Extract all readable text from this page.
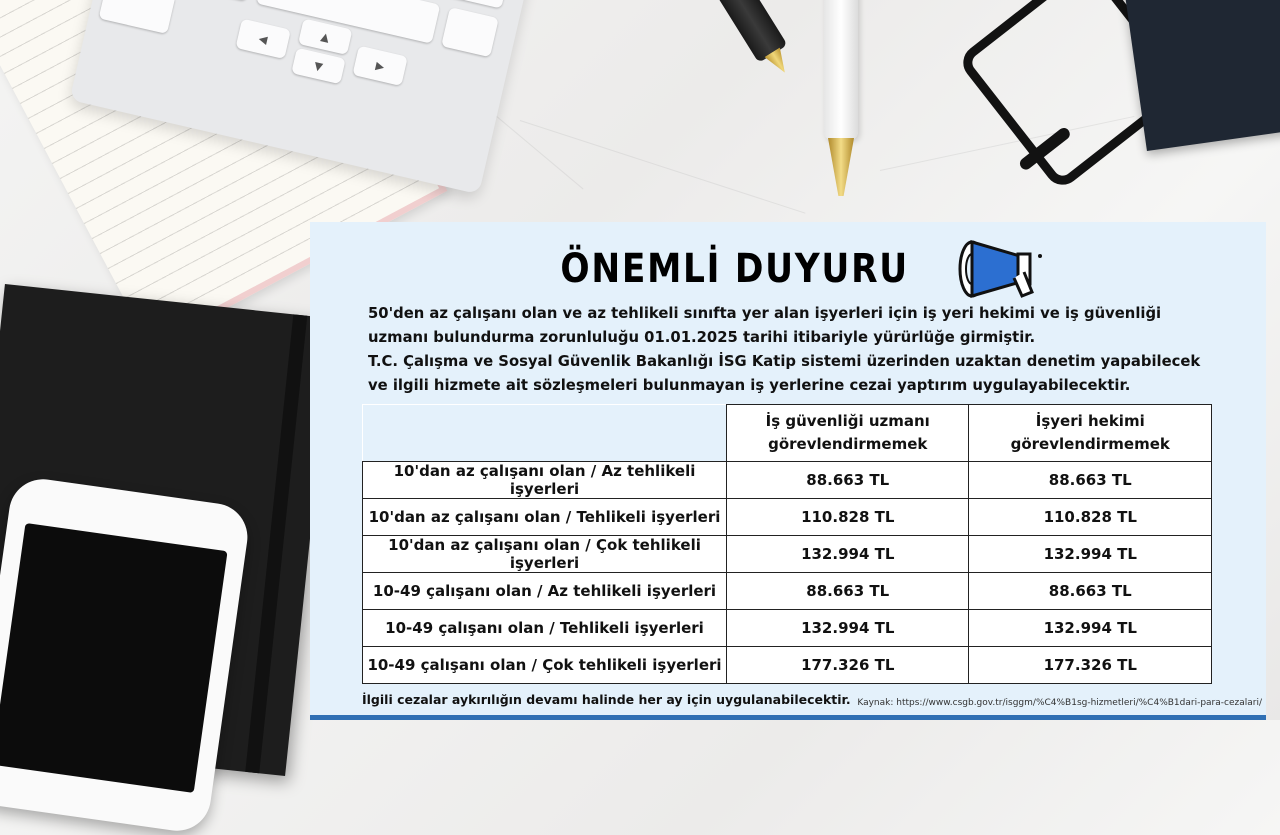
◀	▲
▼	▶
ÖNEMLİ DUYURU

50'den az çalışanı olan ve az tehlikeli sınıfta yer alan işyerleri için iş yeri hekimi ve iş güvenliği uzmanı bulundurma zorunluluğu 01.01.2025 tarihi itibariyle yürürlüğe girmiştir.

T.C. Çalışma ve Sosyal Güvenlik Bakanlığı İSG Katip sistemi üzerinden uzaktan denetim yapabilecek ve ilgili hizmete ait sözleşmeleri bulunmayan iş yerlerine cezai yaptırım uygulayabilecektir.

	İş güvenliği uzmanı görevlendirmemek	İşyeri hekimi görevlendirmemek
10'dan az çalışanı olan / Az tehlikeli işyerleri	88.663 TL	88.663 TL
10'dan az çalışanı olan / Tehlikeli işyerleri	110.828 TL	110.828 TL
10'dan az çalışanı olan / Çok tehlikeli işyerleri	132.994 TL	132.994 TL
10-49 çalışanı olan / Az tehlikeli işyerleri	88.663 TL	88.663 TL
10-49 çalışanı olan / Tehlikeli işyerleri	132.994 TL	132.994 TL
10-49 çalışanı olan / Çok tehlikeli işyerleri	177.326 TL	177.326 TL
İlgili cezalar aykırılığın devamı halinde her ay için uygulanabilecektir. Kaynak: https://www.csgb.gov.tr/isggm/%C4%B1sg-hizmetleri/%C4%B1dari-para-cezalari/
